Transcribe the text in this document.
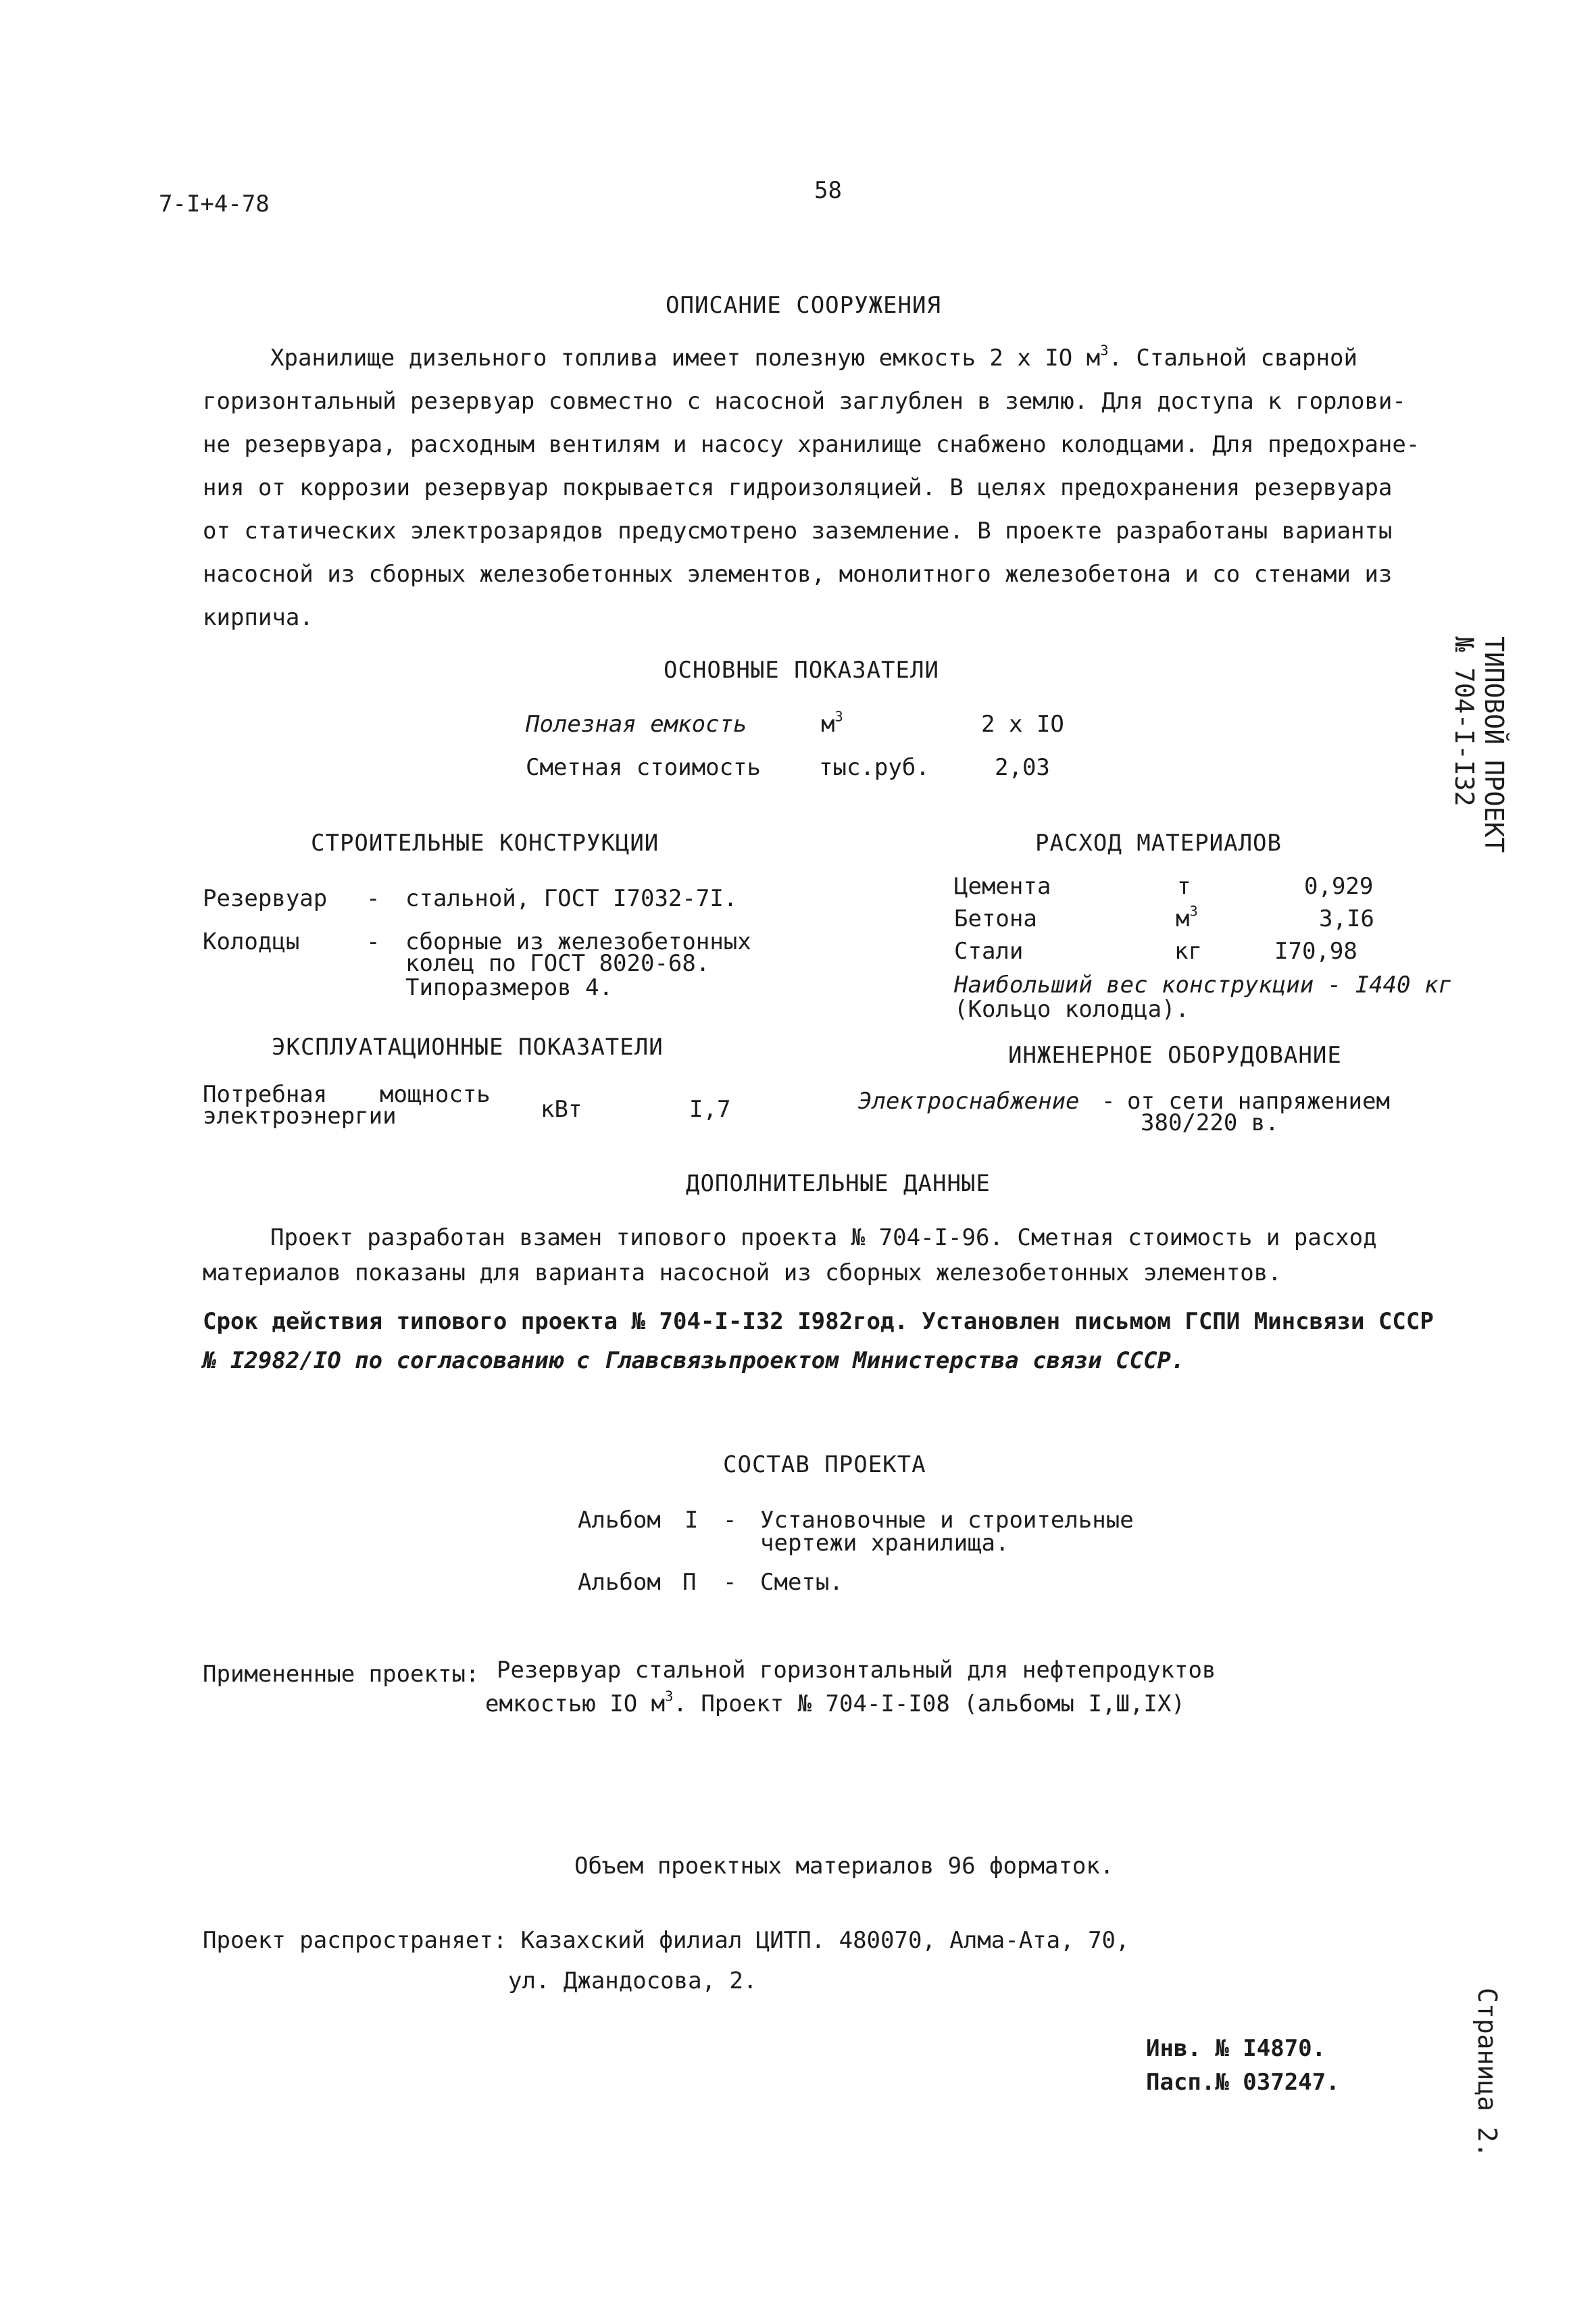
7-I+4-78	58
ОПИСАНИЕ СООРУЖЕНИЯ
Хранилище дизельного топлива имеет полезную емкость 2 х IO $м^3$. Стальной сварной
горизонтальный резервуар совместно с насосной заглублен в землю. Для доступа к горлови-
не резервуара, расходным вентилям и насосу хранилище снабжено колодцами. Для предохране-
ния от коррозии резервуар покрывается гидроизоляцией. В целях предохранения резервуара
от статических электрозарядов предусмотрено заземление. В проекте разработаны варианты
насосной из сборных железобетонных элементов, монолитного железобетона и со стенами из
кирпича.
ОСНОВНЫЕ ПОКАЗАТЕЛИ
Полезная емкость	$м^3$	2 х IO
Сметная стоимость	тыс.руб.	2,03	ТИПОВОЙ ПРОЕКТ
№ 704-I-I32
СТРОИТЕЛЬНЫЕ КОНСТРУКЦИИ
Резервуар - стальной, ГОСТ I7032-7I.
Колодцы	- сборные из железобетонных
колец по ГОСТ 8020-68.
Типоразмеров 4.
РАСХОД МАТЕРИАЛОВ
Цемента	т	0,929
Бетона	$м^3$	3,I6
Стали	кг	I70,98
Наибольший вес конструкции - I440 кг
(Кольцо колодца).
ЭКСПЛУАТАЦИОННЫЕ ПОКАЗАТЕЛИ
Потребная мощность
электроэнергии	кВт	I,7
ИНЖЕНЕРНОЕ ОБОРУДОВАНИЕ
Электроснабжение - от сети напряжением
380/220 в.
ДОПОЛНИТЕЛЬНЫЕ ДАННЫЕ
Проект разработан взамен типового проекта № 704-I-96. Сметная стоимость и расход
материалов показаны для варианта насосной из сборных железобетонных элементов.
Срок действия типового проекта № 704-I-I32 I982год. Установлен письмом ГСПИ Минсвязи СССР
№ I2982/IO по согласованию с Главсвязьпроектом Министерства связи СССР.
СОСТАВ ПРОЕКТА
Альбом I - Установочные и строительные
чертежи хранилища.
Альбом П - Сметы.
Примененные проекты: Резервуар стальной горизонтальный для нефтепродуктов
емкостью IO $м^3$. Проект № 704-I-I08 (альбомы I,Ш,IX)
Объем проектных материалов 96 форматок.
Проект распространяет: Казахский филиал ЦИТП. 480070, Алма-Ата, 70,
ул. Джандосова, 2.
Инв. № I4870.
Пасп.№ 037247.	Страница 2.
